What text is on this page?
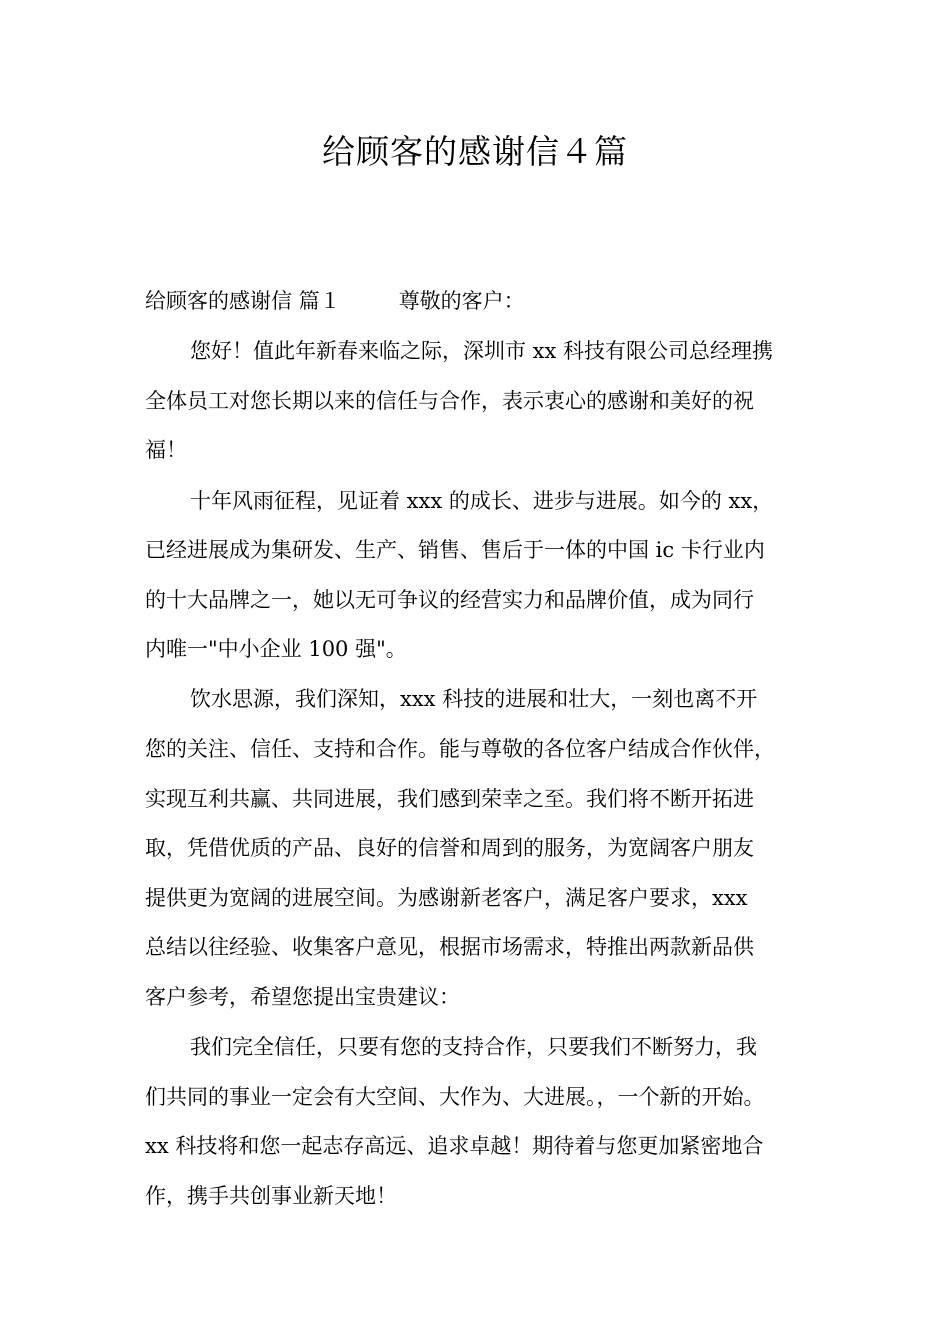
给顾客的感谢信４篇
给顾客的感谢信 篇１	尊敬的客户：
您好！值此年新春来临之际，深圳市 xx 科技有限公司总经理携
全体员工对您长期以来的信任与合作，表示衷心的感谢和美好的祝
福！
十年风雨征程，见证着 xxx 的成长、进步与进展。如今的 xx，
已经进展成为集研发、生产、销售、售后于一体的中国 ic 卡行业内
的十大品牌之一，她以无可争议的经营实力和品牌价值，成为同行
内唯一"中小企业 100 强"。
饮水思源，我们深知，xxx 科技的进展和壮大，一刻也离不开
您的关注、信任、支持和合作。能与尊敬的各位客户结成合作伙伴，
实现互利共赢、共同进展，我们感到荣幸之至。我们将不断开拓进
取，凭借优质的产品、良好的信誉和周到的服务，为宽阔客户朋友
提供更为宽阔的进展空间。为感谢新老客户，满足客户要求，xxx
总结以往经验、收集客户意见，根据市场需求，特推出两款新品供
客户参考，希望您提出宝贵建议：
我们完全信任，只要有您的支持合作，只要我们不断努力，我
们共同的事业一定会有大空间、大作为、大进展。，一个新的开始。
xx 科技将和您一起志存高远、追求卓越！期待着与您更加紧密地合
作，携手共创事业新天地！
